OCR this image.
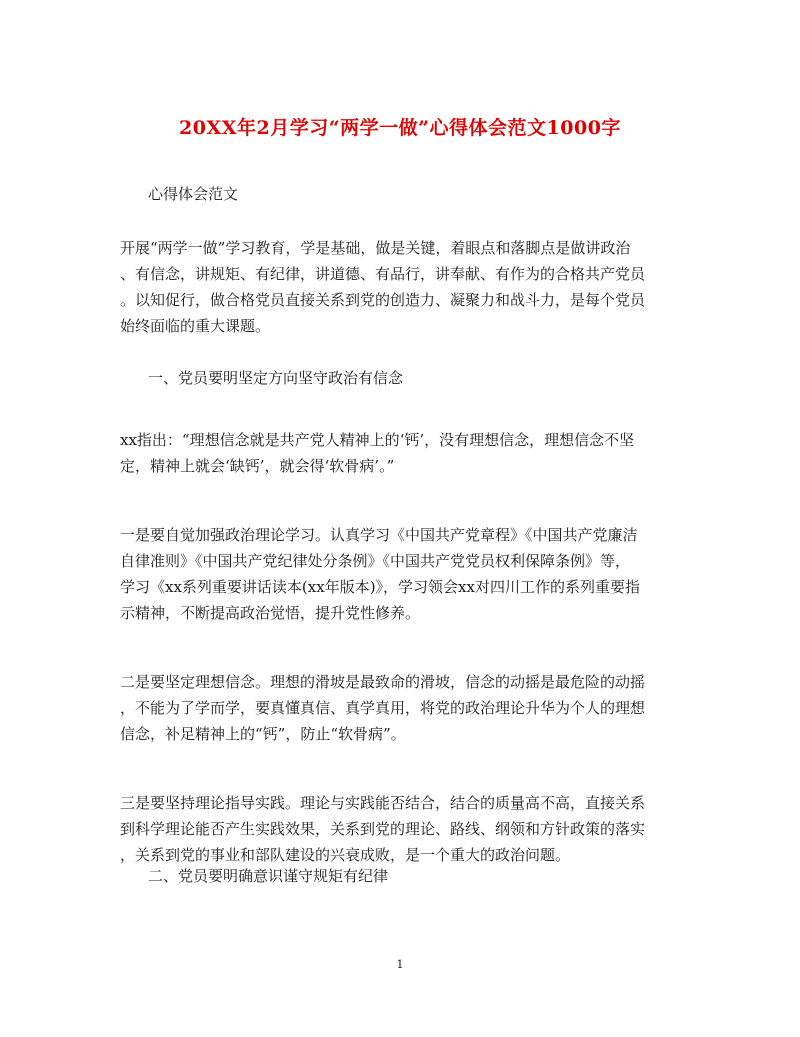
20XX年2月学习“两学一做”心得体会范文1000字
心得体会范文
开展“两学一做”学习教育，学是基础，做是关键，着眼点和落脚点是做讲政治
、有信念，讲规矩、有纪律，讲道德、有品行，讲奉献、有作为的合格共产党员
。以知促行，做合格党员直接关系到党的创造力、凝聚力和战斗力，是每个党员
始终面临的重大课题。
一、党员要明坚定方向坚守政治有信念
xx指出：“理想信念就是共产党人精神上的‘钙’，没有理想信念，理想信念不坚
定，精神上就会‘缺钙’，就会得‘软骨病’。”
一是要自觉加强政治理论学习。认真学习《中国共产党章程》《中国共产党廉洁
自律准则》《中国共产党纪律处分条例》《中国共产党党员权利保障条例》等，
学习《xx系列重要讲话读本(xx年版本)》，学习领会xx对四川工作的系列重要指
示精神，不断提高政治觉悟，提升党性修养。
二是要坚定理想信念。理想的滑坡是最致命的滑坡，信念的动摇是最危险的动摇
，不能为了学而学，要真懂真信、真学真用，将党的政治理论升华为个人的理想
信念，补足精神上的“钙”，防止“软骨病”。
三是要坚持理论指导实践。理论与实践能否结合，结合的质量高不高，直接关系
到科学理论能否产生实践效果，关系到党的理论、路线、纲领和方针政策的落实
，关系到党的事业和部队建设的兴衰成败，是一个重大的政治问题。
二、党员要明确意识谨守规矩有纪律
1
